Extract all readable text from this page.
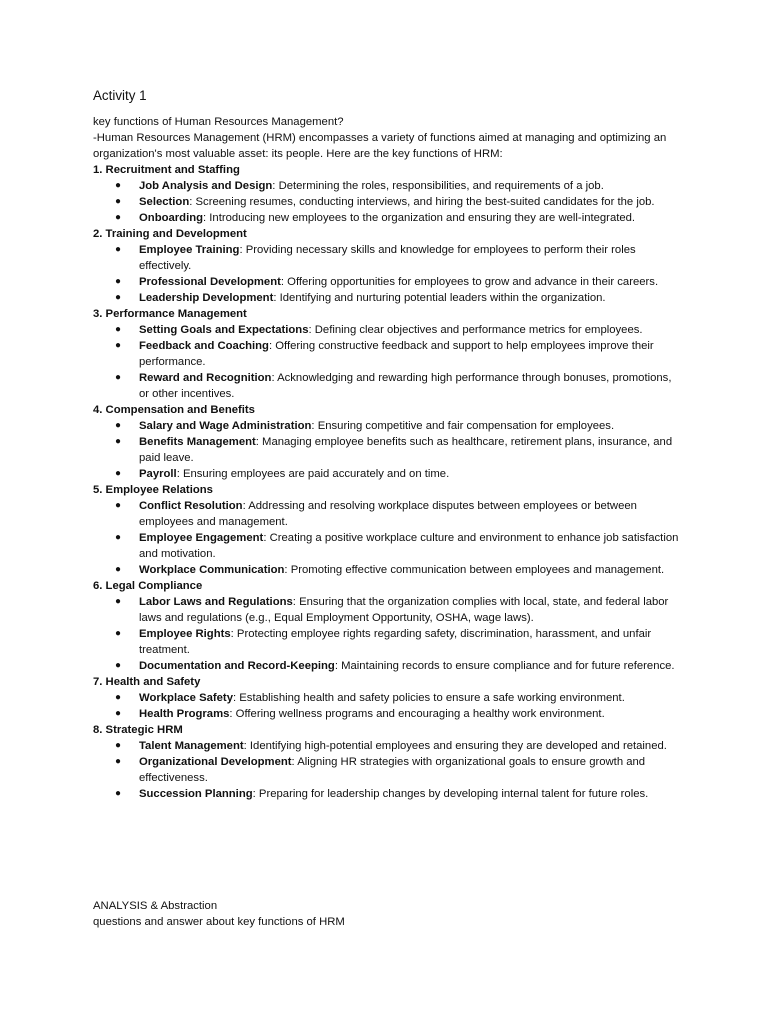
Activity 1

key functions of Human Resources Management?

-Human Resources Management (HRM) encompasses a variety of functions aimed at managing and optimizing an organization's most valuable asset: its people. Here are the key functions of HRM:

1. Recruitment and Staffing

● Job Analysis and Design: Determining the roles, responsibilities, and requirements of a job.
● Selection: Screening resumes, conducting interviews, and hiring the best-suited candidates for the job.
● Onboarding: Introducing new employees to the organization and ensuring they are well-integrated.

2. Training and Development

● Employee Training: Providing necessary skills and knowledge for employees to perform their roles effectively.
● Professional Development: Offering opportunities for employees to grow and advance in their careers.
● Leadership Development: Identifying and nurturing potential leaders within the organization.

3. Performance Management

● Setting Goals and Expectations: Defining clear objectives and performance metrics for employees.
● Feedback and Coaching: Offering constructive feedback and support to help employees improve their performance.
● Reward and Recognition: Acknowledging and rewarding high performance through bonuses, promotions, or other incentives.

4. Compensation and Benefits

● Salary and Wage Administration: Ensuring competitive and fair compensation for employees.
● Benefits Management: Managing employee benefits such as healthcare, retirement plans, insurance, and paid leave.
● Payroll: Ensuring employees are paid accurately and on time.

5. Employee Relations

● Conflict Resolution: Addressing and resolving workplace disputes between employees or between employees and management.
● Employee Engagement: Creating a positive workplace culture and environment to enhance job satisfaction and motivation.
● Workplace Communication: Promoting effective communication between employees and management.

6. Legal Compliance

● Labor Laws and Regulations: Ensuring that the organization complies with local, state, and federal labor laws and regulations (e.g., Equal Employment Opportunity, OSHA, wage laws).
● Employee Rights: Protecting employee rights regarding safety, discrimination, harassment, and unfair treatment.
● Documentation and Record-Keeping: Maintaining records to ensure compliance and for future reference.

7. Health and Safety

● Workplace Safety: Establishing health and safety policies to ensure a safe working environment.
● Health Programs: Offering wellness programs and encouraging a healthy work environment.

8. Strategic HRM

● Talent Management: Identifying high-potential employees and ensuring they are developed and retained.
● Organizational Development: Aligning HR strategies with organizational goals to ensure growth and effectiveness.
● Succession Planning: Preparing for leadership changes by developing internal talent for future roles.

ANALYSIS & Abstraction

questions and answer about key functions of HRM
